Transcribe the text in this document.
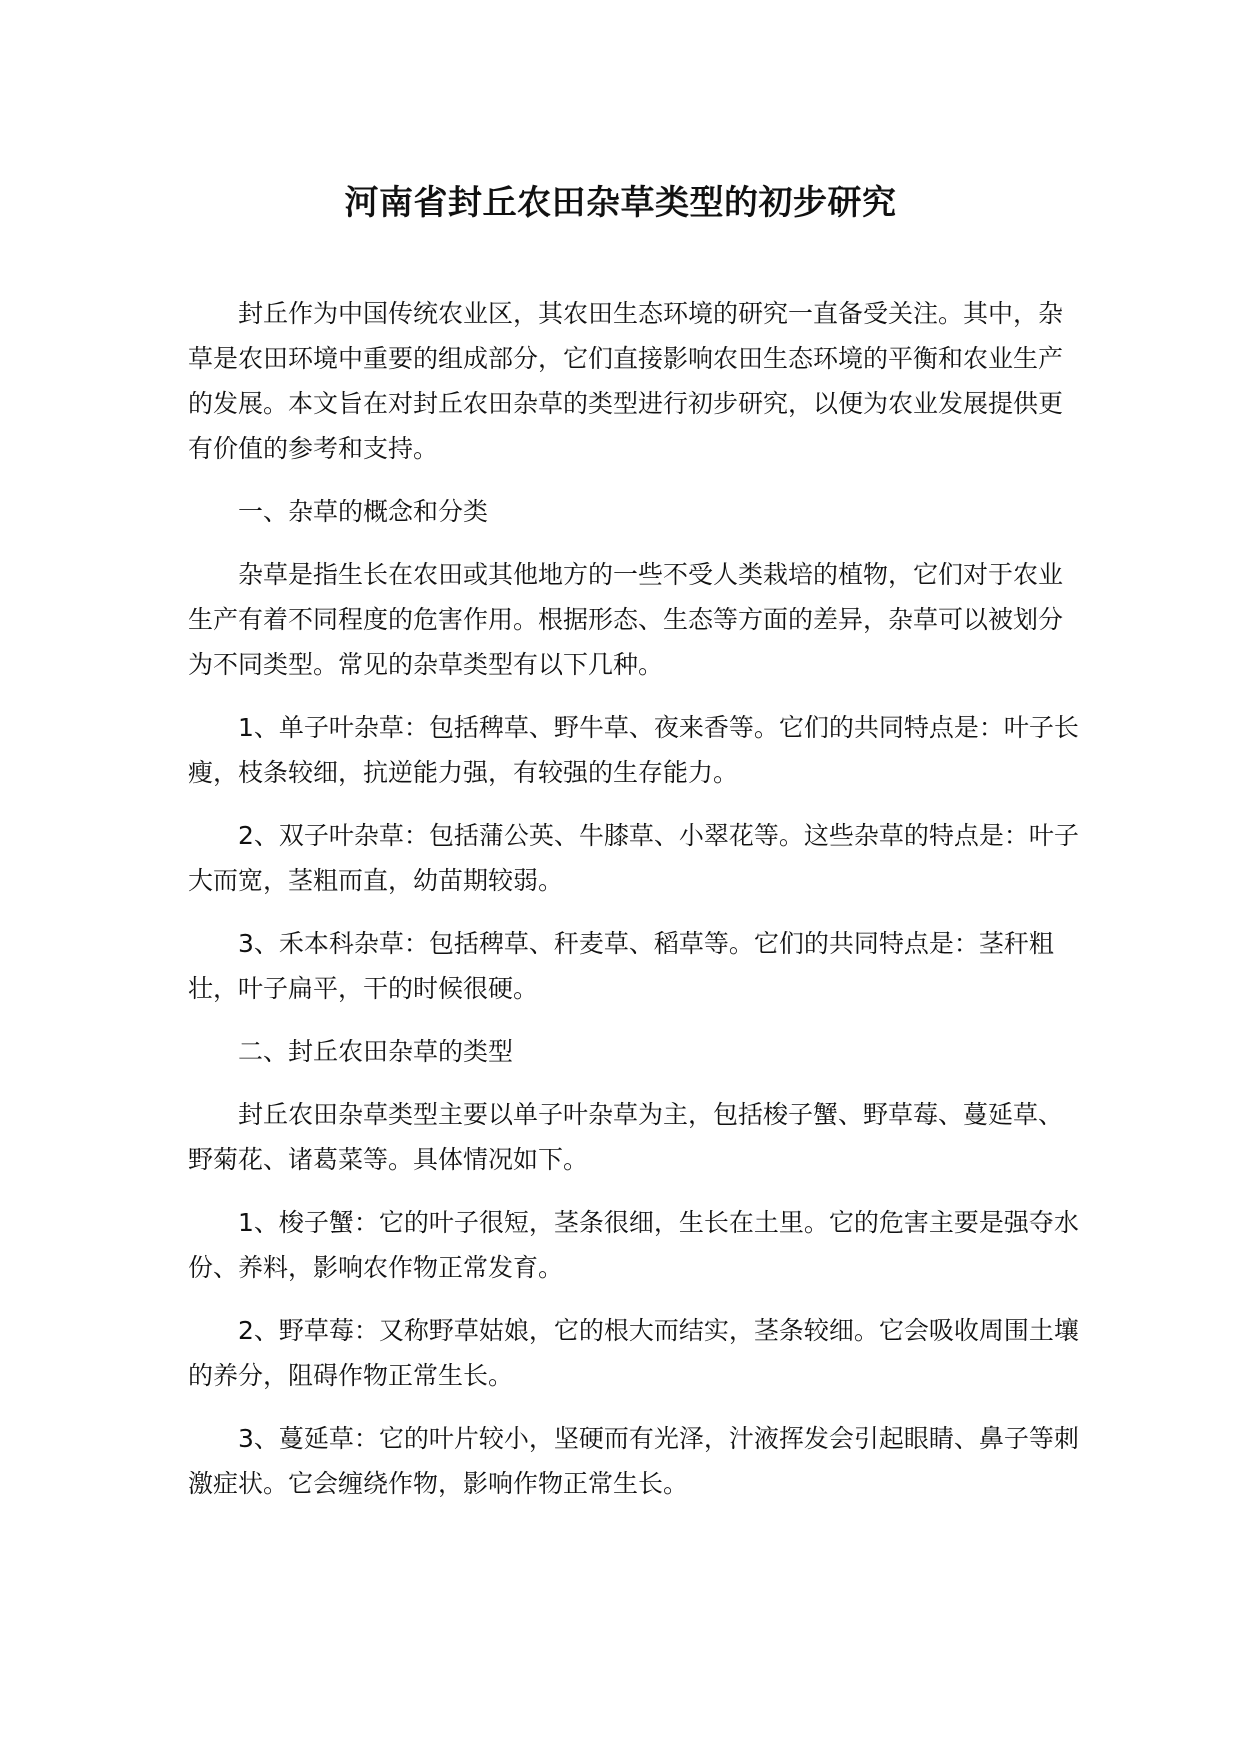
河南省封丘农田杂草类型的初步研究

封丘作为中国传统农业区，其农田生态环境的研究一直备受关注。其中，杂草是农田环境中重要的组成部分，它们直接影响农田生态环境的平衡和农业生产的发展。本文旨在对封丘农田杂草的类型进行初步研究，以便为农业发展提供更有价值的参考和支持。

一、杂草的概念和分类

杂草是指生长在农田或其他地方的一些不受人类栽培的植物，它们对于农业生产有着不同程度的危害作用。根据形态、生态等方面的差异，杂草可以被划分为不同类型。常见的杂草类型有以下几种。

1、单子叶杂草：包括稗草、野牛草、夜来香等。它们的共同特点是：叶子长瘦，枝条较细，抗逆能力强，有较强的生存能力。

2、双子叶杂草：包括蒲公英、牛膝草、小翠花等。这些杂草的特点是：叶子大而宽，茎粗而直，幼苗期较弱。

3、禾本科杂草：包括稗草、秆麦草、稻草等。它们的共同特点是：茎秆粗壮，叶子扁平，干的时候很硬。

二、封丘农田杂草的类型

封丘农田杂草类型主要以单子叶杂草为主，包括梭子蟹、野草莓、蔓延草、野菊花、诸葛菜等。具体情况如下。

1、梭子蟹：它的叶子很短，茎条很细，生长在土里。它的危害主要是强夺水份、养料，影响农作物正常发育。

2、野草莓：又称野草姑娘，它的根大而结实，茎条较细。它会吸收周围土壤的养分，阻碍作物正常生长。

3、蔓延草：它的叶片较小，坚硬而有光泽，汁液挥发会引起眼睛、鼻子等刺激症状。它会缠绕作物，影响作物正常生长。
